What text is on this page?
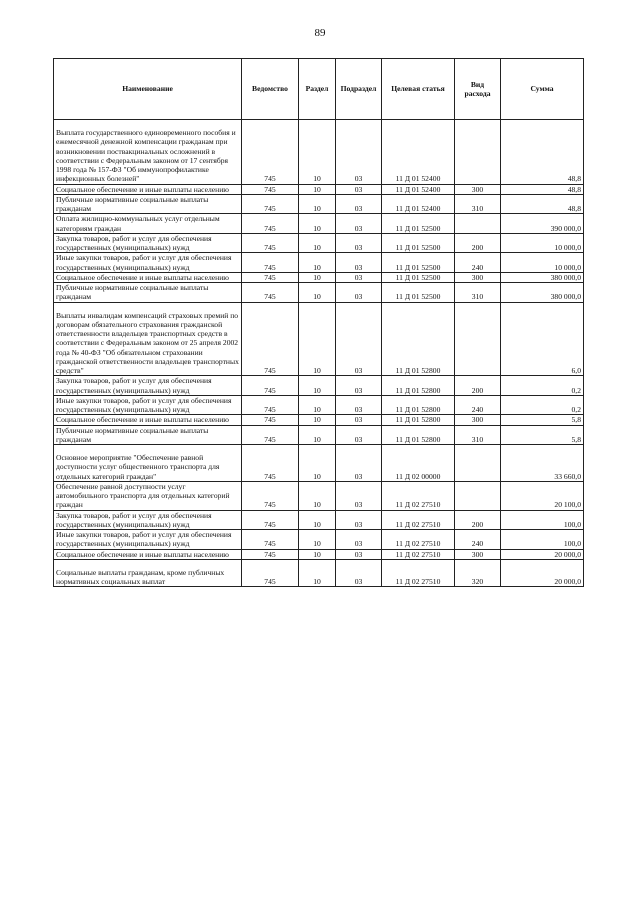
89
Наименование	Ведомство	Раздел	Подраздел	Целевая статья	Вид расхода	Сумма
Выплата государственного единовременного пособия и ежемесячной денежной компенсации гражданам при возникновении поствакцинальных осложнений в соответствии с Федеральным законом от 17 сентября 1998 года № 157-ФЗ "Об иммунопрофилактике инфекционных болезней"	745	10	03	11 Д 01 52400		48,8
Социальное обеспечение и иные выплаты населению	745	10	03	11 Д 01 52400	300	48,8
Публичные нормативные социальные выплаты гражданам	745	10	03	11 Д 01 52400	310	48,8
Оплата жилищно-коммунальных услуг отдельным категориям граждан	745	10	03	11 Д 01 52500		390 000,0
Закупка товаров, работ и услуг для обеспечения государственных (муниципальных) нужд	745	10	03	11 Д 01 52500	200	10 000,0
Иные закупки товаров, работ и услуг для обеспечения государственных (муниципальных) нужд	745	10	03	11 Д 01 52500	240	10 000,0
Социальное обеспечение и иные выплаты населению	745	10	03	11 Д 01 52500	300	380 000,0
Публичные нормативные социальные выплаты гражданам	745	10	03	11 Д 01 52500	310	380 000,0
Выплаты инвалидам компенсаций страховых премий по договорам обязательного страхования гражданской ответственности владельцев транспортных средств в соответствии с Федеральным законом от 25 апреля 2002 года № 40-ФЗ "Об обязательном страховании гражданской ответственности владельцев транспортных средств"	745	10	03	11 Д 01 52800		6,0
Закупка товаров, работ и услуг для обеспечения государственных (муниципальных) нужд	745	10	03	11 Д 01 52800	200	0,2
Иные закупки товаров, работ и услуг для обеспечения государственных (муниципальных) нужд	745	10	03	11 Д 01 52800	240	0,2
Социальное обеспечение и иные выплаты населению	745	10	03	11 Д 01 52800	300	5,8
Публичные нормативные социальные выплаты гражданам	745	10	03	11 Д 01 52800	310	5,8
Основное мероприятие "Обеспечение равной доступности услуг общественного транспорта для отдельных категорий граждан"	745	10	03	11 Д 02 00000		33 660,0
Обеспечение равной доступности услуг автомобильного транспорта для отдельных категорий граждан	745	10	03	11 Д 02 27510		20 100,0
Закупка товаров, работ и услуг для обеспечения государственных (муниципальных) нужд	745	10	03	11 Д 02 27510	200	100,0
Иные закупки товаров, работ и услуг для обеспечения государственных (муниципальных) нужд	745	10	03	11 Д 02 27510	240	100,0
Социальное обеспечение и иные выплаты населению	745	10	03	11 Д 02 27510	300	20 000,0
Социальные выплаты гражданам, кроме публичных нормативных социальных выплат	745	10	03	11 Д 02 27510	320	20 000,0
